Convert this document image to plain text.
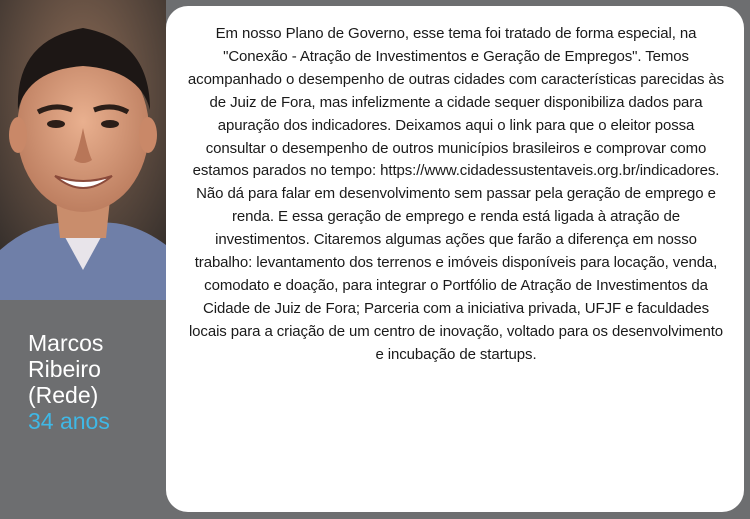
Marcos
Ribeiro
(Rede)
34 anos

Em nosso Plano de Governo, esse tema foi tratado de forma especial, na "Conexão - Atração de Investimentos e Geração de Empregos". Temos acompanhado o desempenho de outras cidades com características parecidas às de Juiz de Fora, mas infelizmente a cidade sequer disponibiliza dados para apuração dos indicadores. Deixamos aqui o link para que o eleitor possa consultar o desempenho de outros municípios brasileiros e comprovar como estamos parados no tempo: https://www.cidadessustentaveis.org.br/indicadores. Não dá para falar em desenvolvimento sem passar pela geração de emprego e renda. E essa geração de emprego e renda está ligada à atração de investimentos. Citaremos algumas ações que farão a diferença em nosso trabalho: levantamento dos terrenos e imóveis disponíveis para locação, venda, comodato e doação, para integrar o Portfólio de Atração de Investimentos da Cidade de Juiz de Fora; Parceria com a iniciativa privada, UFJF e faculdades locais para a criação de um centro de inovação, voltado para os desenvolvimento e incubação de startups.
